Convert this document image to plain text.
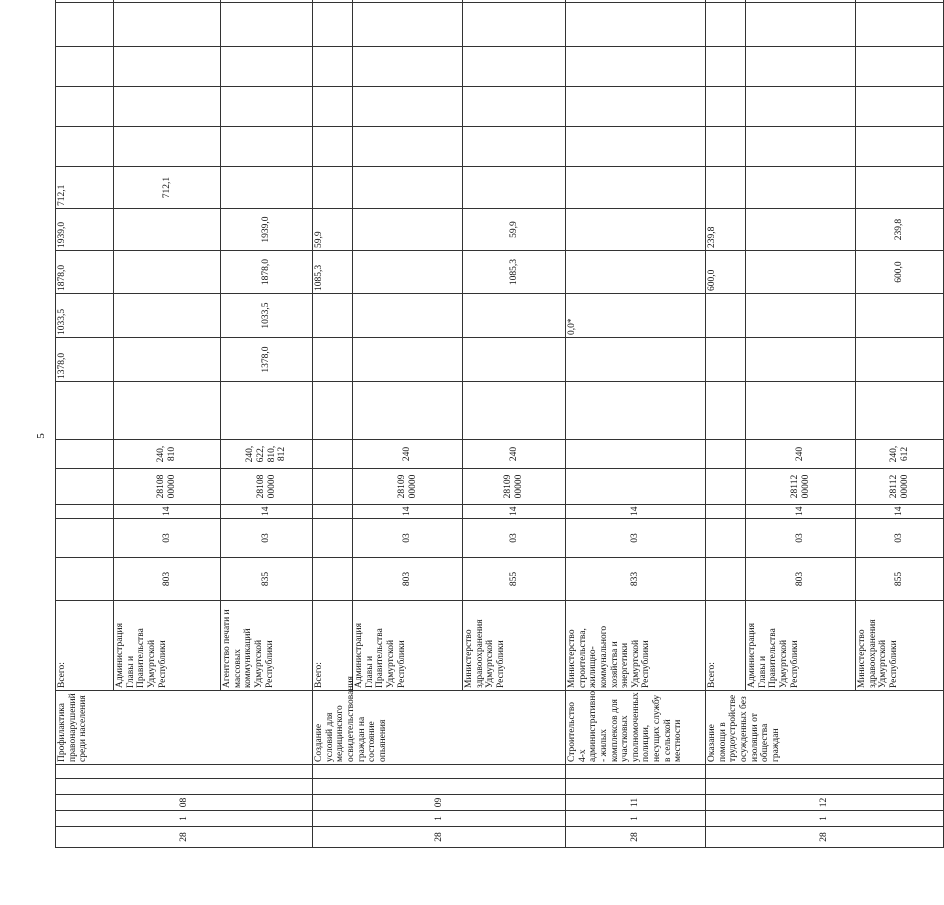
5
28	1	08			Профилактика правонарушений среди населения	Всего:							1378,0	1033,5	1878,0	1939,0	712,1					
						Администрация Главы и Правительства Удмуртской Республики	803	03	14	28108 00000	240, 810						712,1					
						Агентство печати и массовых коммуникаций Удмуртской Республики	835	03	14	28108 00000	240, 622, 810, 812		1378,0	1033,5	1878,0	1939,0						
28	1	09			Создание условий для медицинского освидетельствования граждан на состояние опьянения	Всего:									1085,3	59,9						
						Администрация Главы и Правительства Удмуртской Республики	803	03	14	28109 00000	240											
						Министерство здравоохранения Удмуртской Республики	855	03	14	28109 00000	240				1085,3	59,9						
28	1	11			Строительство 4-х административно - жилых комплексов для участковых уполномоченных полиции, несущих службу в сельской местности	Министерство строительства, жилищно-коммунального хозяйства и энергетики Удмуртской Республики	833	03	14					0,0*								
28	1	12			Оказание помощи в трудоустройстве осужденных без изоляции от общества граждан	Всего:									600,0	239,8						
						Администрация Главы и Правительства Удмуртской Республики	803	03	14	28112 00000	240											
						Министерство здравоохранения Удмуртской Республики	855	03	14	28112 00000	240, 612				600,0	239,8						
